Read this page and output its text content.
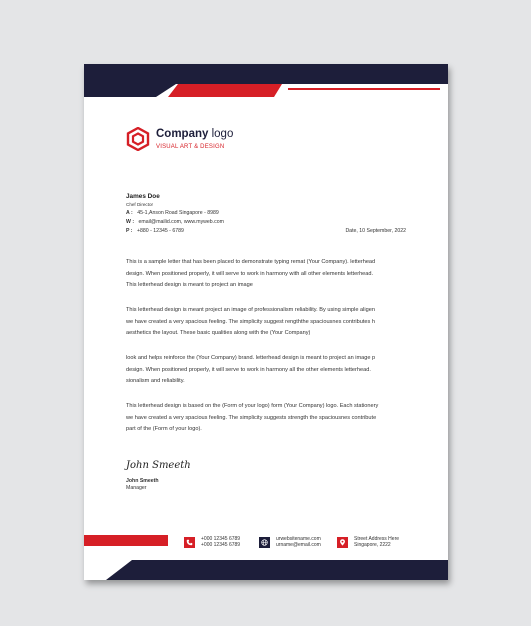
Company logo
VISUAL ART & DESIGN
James Doe
Chef Director
A : 45-1,Anson Road Singapore - 8989
W : email@mailid.com, www.myweb.com
P : +880 - 12345 - 6789	Date, 10 September, 2022
This is a sample letter that has been placed to demonstrate typing remat (Your Company). letterhead
design. When positioned properly, it will serve to work in harmony with all other elements letterhead.
This letterhead design is meant to project an image
This letterhead design is meant project an image of professionalism reliability. By using simple aligen
we have created a very spacious feeling. The simplicity suggest rengththe spaciousnes contributes h
aesthetics the layout. These basic qualities along with the (Your Company)
look and helps reinforce the (Your Company) brand. letterhead design is meant to project an image p
design. When positioned properly, it will serve to work in harmony all the other elements letterhead.
sionalism and reliability.
This letterhead design is based on the (Form of your logo) form (Your Company) logo. Each stationery
we have created a very spacious feeling. The simplicity suggests strength the spaciousnes contribute
part of the (Form of your logo).
John Smeeth
John Smeeth
Manager
+000 12345 6789
+000 12345 6789
urwebsitename.com
urname@email.com
Street Address Here
Singapore, 2222
